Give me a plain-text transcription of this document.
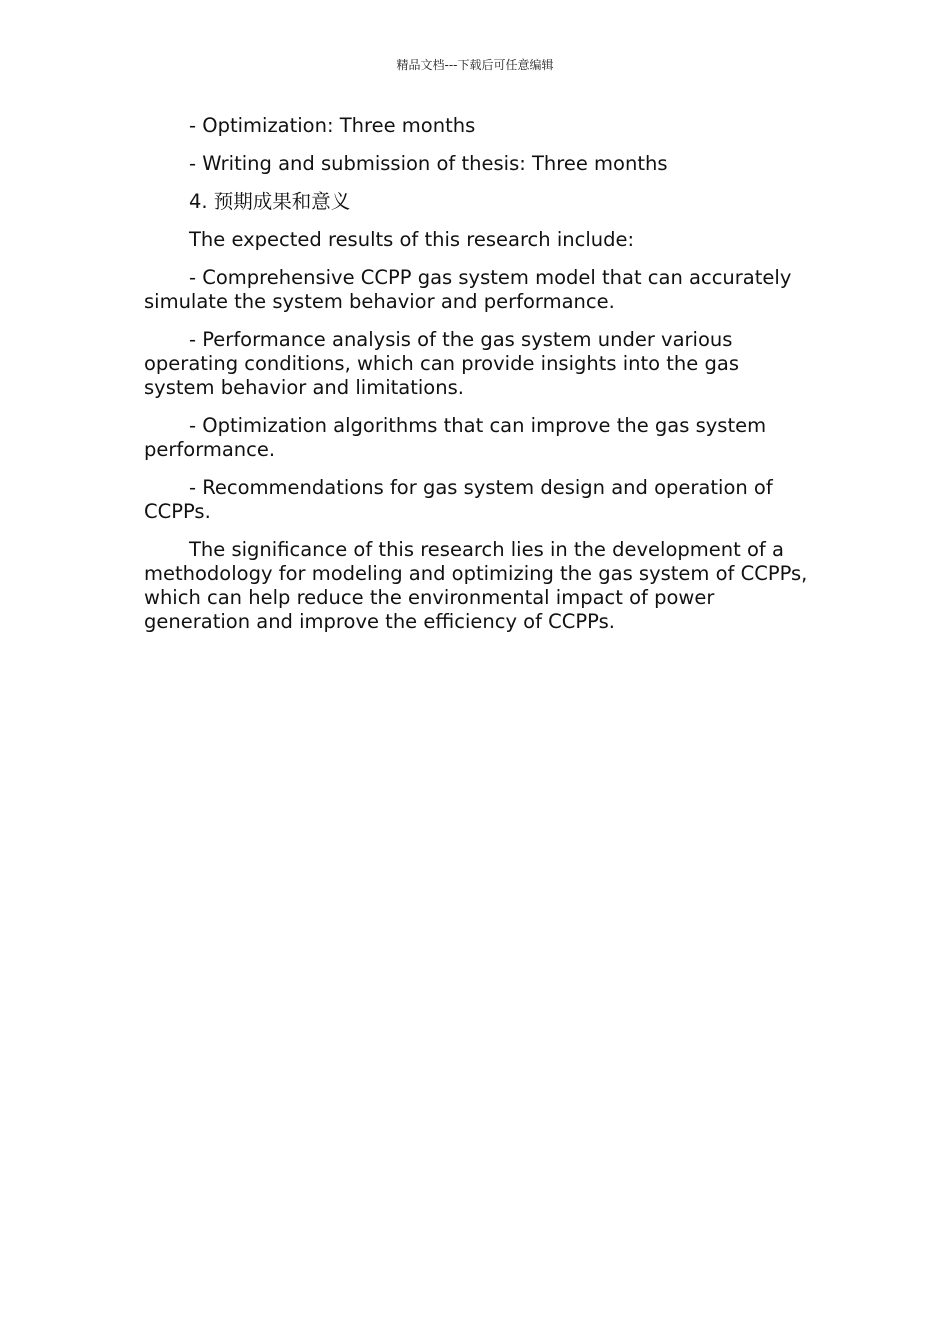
精品文档---下载后可任意编辑

- Optimization: Three months

- Writing and submission of thesis: Three months

4. 预期成果和意义

The expected results of this research include:

- Comprehensive CCPP gas system model that can accurately simulate the system behavior and performance.

- Performance analysis of the gas system under various operating conditions, which can provide insights into the gas system behavior and limitations.

- Optimization algorithms that can improve the gas system performance.

- Recommendations for gas system design and operation of CCPPs.

The significance of this research lies in the development of a methodology for modeling and optimizing the gas system of CCPPs, which can help reduce the environmental impact of power generation and improve the efficiency of CCPPs.
